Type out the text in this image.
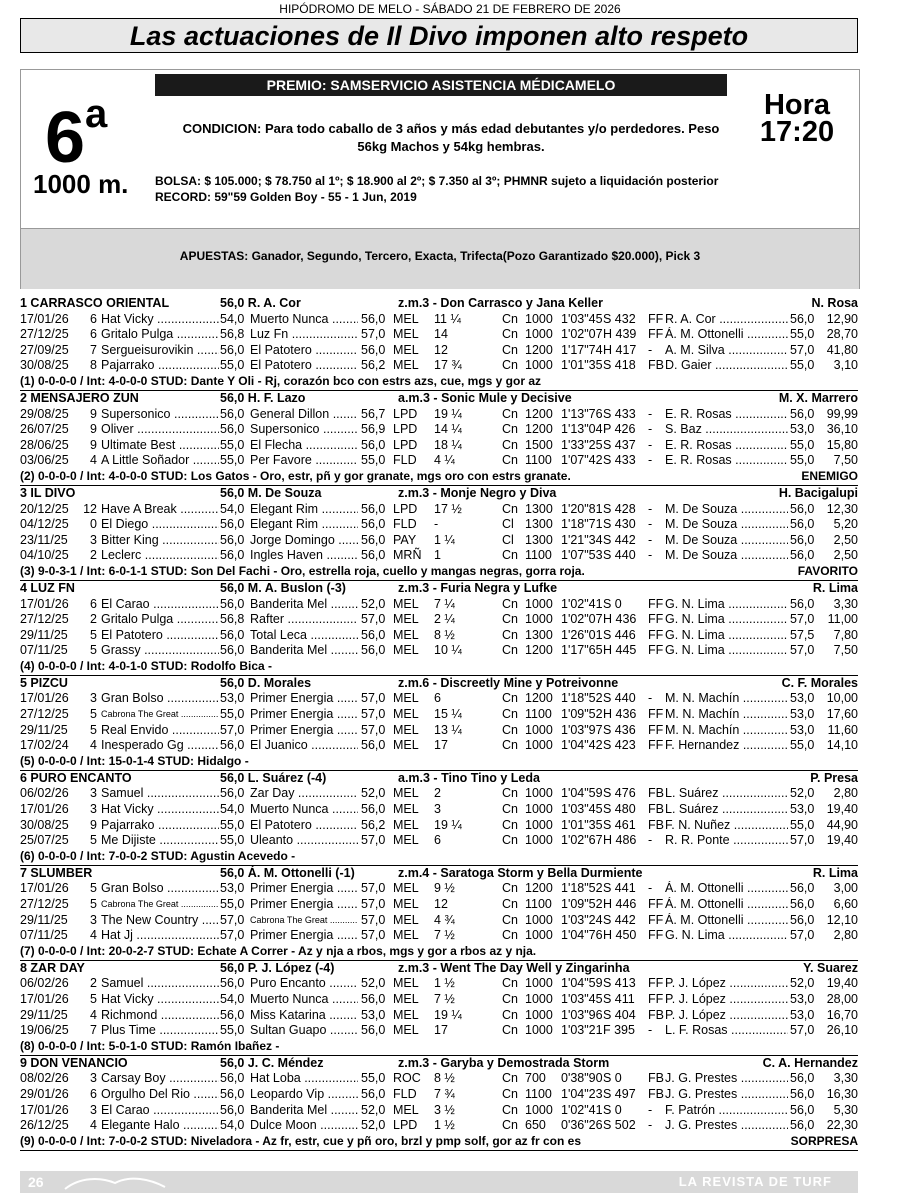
HIPÓDROMO DE MELO - SÁBADO 21 DE FEBRERO DE 2026
Las actuaciones de Il Divo imponen alto respeto
PREMIO: SAMSERVICIO ASISTENCIA MÉDICAMELO
6$^a$	Hora
17:20
CONDICION: Para todo caballo de 3 años y más edad debutantes y/o perdedores. Peso 56kg Machos y 54kg hembras.
1000 m. BOLSA: $ 105.000; $ 78.750 al 1º; $ 18.900 al 2º; $ 7.350 al 3º; PHMNR sujeto a liquidación posterior
RECORD: 59"59 Golden Boy - 55 - 1 Jun, 2019
APUESTAS: Ganador, Segundo, Tercero, Exacta, Trifecta(Pozo Garantizado $20.000), Pick 3
1 CARRASCO ORIENTAL	56,0 R. A. Cor	z.m.3 - Don Carrasco y Jana Keller	N. Rosa
17/01/26	6 Hat Vicky .....	54,0 Muerto Nunca .....	56,0 MEL 11 ¼	Cn 1000 1'03"45 S 432 FF R. A. Cor .....	56,0 12,90
27/12/25	6 Gritalo Pulga .....	56,8 Luz Fn .....	57,0 MEL 14	Cn 1000 1'02"07 H 439 FF Á. M. Ottonelli .....	55,0 28,70
27/09/25	7 Sergueisurovikin .....	56,0 El Patotero .....	56,0 MEL 12	Cn 1200 1'17"74 H 417 - A. M. Silva .....	57,0 41,80
30/08/25	8 Pajarrako .....	55,0 El Patotero .....	56,2 MEL 17 ¾	Cn 1000 1'01"35 S 418 FB D. Gaier .....	55,0	3,10
(1) 0-0-0-0 / Int: 4-0-0-0 STUD: Dante Y Oli - Rj, corazón bco con estrs azs, cue, mgs y gor az
2 MENSAJERO ZUN	56,0 H. F. Lazo	a.m.3 - Sonic Mule y Decisive	M. X. Marrero
29/08/25	9 Supersonico .....	56,0 General Dillon .....	56,7 LPD 19 ¼	Cn 1200 1'13"76 S 433 - E. R. Rosas .....	56,0 99,99
26/07/25	9 Oliver .....	56,0 Supersonico .....	56,9 LPD 14 ¼	Cn 1200 1'13"04 P 426 - S. Baz .....	53,0 36,10
28/06/25	9 Ultimate Best .....	55,0 El Flecha .....	56,0 LPD 18 ¼	Cn 1500 1'33"25 S 437 - E. R. Rosas .....	55,0 15,80
03/06/25	4 A Little Soñador .....	55,0 Per Favore .....	55,0 FLD 4 ¼	Cn 1100 1'07"42 S 433 - E. R. Rosas .....	55,0	7,50
(2) 0-0-0-0 / Int: 4-0-0-0 STUD: Los Gatos - Oro, estr, pñ y gor granate, mgs oro con estrs granate.	ENEMIGO
3 IL DIVO	56,0 M. De Souza	z.m.3 - Monje Negro y Diva	H. Bacigalupi
20/12/25 12 Have A Break .....	54,0 Elegant Rim .....	56,0 LPD 17 ½	Cn 1300 1'20"81 S 428 - M. De Souza .....	56,0 12,30
04/12/25	0 El Diego .....	56,0 Elegant Rim .....	56,0 FLD -	Cl 1300 1'18"71 S 430 - M. De Souza .....	56,0	5,20
23/11/25	3 Bitter King .....	56,0 Jorge Domingo .....	56,0 PAY 1 ¼	Cl 1300 1'21"34 S 442 - M. De Souza .....	56,0	2,50
04/10/25	2 Leclerc .....	56,0 Ingles Haven .....	56,0 MRÑ 1	Cn 1100 1'07"53 S 440 - M. De Souza .....	56,0	2,50
(3) 9-0-3-1 / Int: 6-0-1-1 STUD: Son Del Fachi - Oro, estrella roja, cuello y mangas negras, gorra roja.	FAVORITO
4 LUZ FN	56,0 M. A. Buslon (-3)	z.m.3 - Furia Negra y Lufke	R. Lima
17/01/26	6 El Carao .....	56,0 Banderita Mel .....	52,0 MEL 7 ¼	Cn 1000 1'02"41 S 0 FF G. N. Lima .....	56,0	3,30
27/12/25	2 Gritalo Pulga .....	56,8 Rafter .....	57,0 MEL 2 ¼	Cn 1000 1'02"07 H 436 FF G. N. Lima .....	57,0	11,00
29/11/25	5 El Patotero .....	56,0 Total Leca .....	56,0 MEL 8 ½	Cn 1300 1'26"01 S 446 FF G. N. Lima .....	57,5	7,80
07/11/25	5 Grassy .....	56,0 Banderita Mel .....	56,0 MEL 10 ¼	Cn 1200 1'17"65 H 445 FF G. N. Lima .....	57,0	7,50
(4) 0-0-0-0 / Int: 4-0-1-0 STUD: Rodolfo Bica -
5 PIZCU	56,0 D. Morales	z.m.6 - Discreetly Mine y Potreivonne	C. F. Morales
17/01/26	3 Gran Bolso .....	53,0 Primer Energia .....	57,0 MEL 6	Cn 1200 1'18"52 S 440 - M. N. Machín .....	53,0 10,00
27/12/25	5 Cabrona The Great .....	55,0 Primer Energia .....	57,0 MEL 15 ¼	Cn 1100 1'09"52 H 436 FF M. N. Machín .....	53,0 17,60
29/11/25	5 Real Envido .....	57,0 Primer Energia .....	57,0 MEL 13 ¼	Cn 1000 1'03"97 S 436 FF M. N. Machín .....	53,0	11,60
17/02/24	4 Inesperado Gg .....	56,0 El Juanico .....	56,0 MEL 17	Cn 1000 1'04"42 S 423 FF F. Hernandez .....	55,0 14,10
(5) 0-0-0-0 / Int: 15-0-1-4 STUD: Hidalgo -
6 PURO ENCANTO	56,0 L. Suárez (-4)	a.m.3 - Tino Tino y Leda	P. Presa
06/02/26	3 Samuel .....	56,0 Zar Day .....	52,0 MEL 2	Cn 1000 1'04"59 S 476 FB L. Suárez .....	52,0	2,80
17/01/26	3 Hat Vicky .....	54,0 Muerto Nunca .....	56,0 MEL 3	Cn 1000 1'03"45 S 480 FB L. Suárez .....	53,0 19,40
30/08/25	9 Pajarrako .....	55,0 El Patotero .....	56,2 MEL 19 ¼	Cn 1000 1'01"35 S 461 FB F. N. Nuñez .....	55,0 44,90
25/07/25	5 Me Dijiste .....	55,0 Uleanto .....	57,0 MEL 6	Cn 1000 1'02"67 H 486 - R. R. Ponte .....	57,0 19,40
(6) 0-0-0-0 / Int: 7-0-0-2 STUD: Agustin Acevedo -
7 SLUMBER	56,0 Á. M. Ottonelli (-1)	z.m.4 - Saratoga Storm y Bella Durmiente	R. Lima
17/01/26	5 Gran Bolso .....	53,0 Primer Energia .....	57,0 MEL 9 ½	Cn 1200 1'18"52 S 441 - Á. M. Ottonelli .....	56,0	3,00
27/12/25	5 Cabrona The Great .....	55,0 Primer Energia .....	57,0 MEL 12	Cn 1100 1'09"52 H 446 FF Á. M. Ottonelli .....	56,0	6,60
29/11/25	3 The New Country .....	57,0 Cabrona The Great .....	57,0 MEL 4 ¾	Cn 1000 1'03"24 S 442 FF Á. M. Ottonelli .....	56,0 12,10
07/11/25	4 Hat Jj .....	57,0 Primer Energia .....	57,0 MEL 7 ½	Cn 1000 1'04"76 H 450 FF G. N. Lima .....	57,0	2,80
(7) 0-0-0-0 / Int: 20-0-2-7 STUD: Echate A Correr - Az y nja a rbos, mgs y gor a rbos az y nja.
8 ZAR DAY	56,0 P. J. López (-4)	z.m.3 - Went The Day Well y Zingarinha	Y. Suarez
06/02/26	2 Samuel .....	56,0 Puro Encanto .....	52,0 MEL 1 ½	Cn 1000 1'04"59 S 413 FF P. J. López .....	52,0 19,40
17/01/26	5 Hat Vicky .....	54,0 Muerto Nunca .....	56,0 MEL 7 ½	Cn 1000 1'03"45 S 411 FF P. J. López .....	53,0 28,00
29/11/25	4 Richmond .....	56,0 Miss Katarina .....	53,0 MEL 19 ¼	Cn 1000 1'03"96 S 404 FB P. J. López .....	53,0 16,70
19/06/25	7 Plus Time .....	55,0 Sultan Guapo .....	56,0 MEL 17	Cn 1000 1'03"21 F 395 - L. F. Rosas .....	57,0 26,10
(8) 0-0-0-0 / Int: 5-0-1-0 STUD: Ramón Ibañez -
9 DON VENANCIO	56,0 J. C. Méndez	z.m.3 - Garyba y Demostrada Storm	C. A. Hernandez
08/02/26	3 Carsay Boy .....	56,0 Hat Loba .....	55,0 ROC 8 ½	Cn 700 0'38"90 S 0 FB J. G. Prestes .....	56,0	3,30
29/01/26	6 Orgulho Del Rio .....	56,0 Leopardo Vip .....	56,0 FLD 7 ¾	Cn 1100 1'04"23 S 497 FB J. G. Prestes .....	56,0 16,30
17/01/26	3 El Carao .....	56,0 Banderita Mel .....	52,0 MEL 3 ½	Cn 1000 1'02"41 S 0 - F. Patrón .....	56,0	5,30
26/12/25	4 Elegante Halo .....	54,0 Dulce Moon .....	52,0 LPD 1 ½	Cn 650 0'36"26 S 502 - J. G. Prestes .....	56,0 22,30
(9) 0-0-0-0 / Int: 7-0-0-2 STUD: Niveladora - Az fr, estr, cue y pñ oro, brzl y pmp solf, gor az fr con es	SORPRESA
26	LA REVISTA DE TURF
